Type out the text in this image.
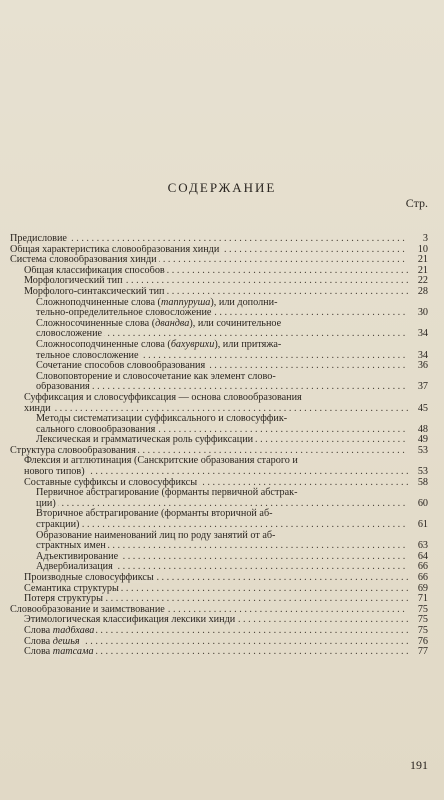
СОДЕРЖАНИЕ
Стр.
Предисловие . . .	3
Общая характеристика словообразования хинди . . .	10
Система словообразования хинди . . .	21
Общая классификация способов . . .	21
Морфологический тип . . .	22
Морфолого-синтаксический тип . . .	28
Сложноподчиненные слова (таппуруша), или дополни-
тельно-определительное словосложение . . .	30
Сложносочиненные слова (двандва), или сочинительное
словосложение . . .	34
Сложносоподчиненные слова (бахуврихи), или притяжа-
тельное словосложение . . .	34
Сочетание способов словообразования . . .	36
Словоповторение и словосочетание как элемент слово-
образования . . .	37
Суффиксация и словосуффиксация — основа словообразования
хинди . . .	45
Методы систематизации суффиксального и словосуффик-
сального словообразования . . .	48
Лексическая и грамматическая роль суффиксации . . .	49
Структура словообразования . . .	53
Флексия и агглютинация (Санскритские образования старого и
нового типов) . . .	53
Составные суффиксы и словосуффиксы . . .	58
Первичное абстрагирование (форманты первичной абстрак-
ции) . . .	60
Вторичное абстрагирование (форманты вторичной аб-
стракции) . . .	61
Образование наименований лиц по роду занятий от аб-
страктных имен . . .	63
Адъективирование . . .	64
Адвербиализация . . .	66
Производные словосуффиксы . . .	66
Семантика структуры . . .	69
Потеря структуры . . .	71
Словообразование и заимствование . . .	75
Этимологическая классификация лексики хинди . . .	75
Слова тадбхава . . .	75
Слова дешья . . .	76
Слова татсама . . .	77
191
